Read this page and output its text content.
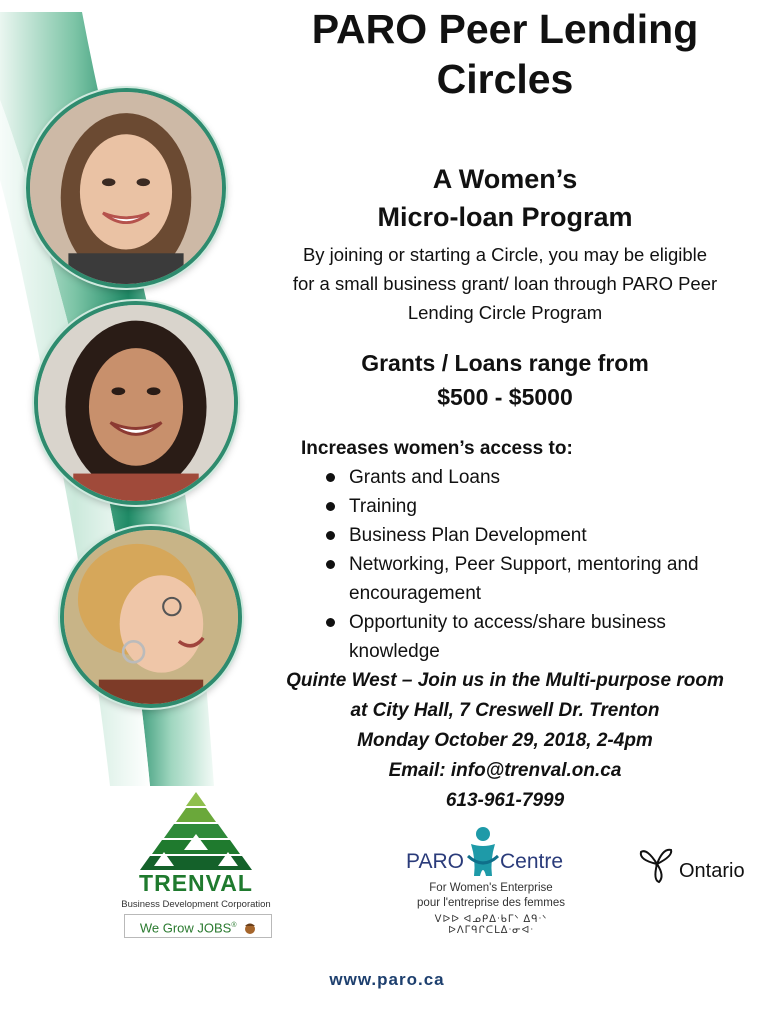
PARO Peer Lending
Circles
A Women’s
Micro-loan Program
By joining or starting a Circle, you may be eligible
for a small business grant/ loan through PARO Peer
Lending Circle Program
Grants / Loans range from
$500 - $5000
Increases women’s access to:
Grants and Loans
Training
Business Plan Development
Networking, Peer Support, mentoring and
encouragement
Opportunity to access/share business
knowledge
Quinte West – Join us in the Multi-purpose room
at City Hall, 7 Creswell Dr. Trenton
Monday October 29, 2018, 2-4pm
Email: info@trenval.on.ca
613-961-7999
TRENVAL
Business Development Corporation
We Grow JOBS®
PARO Centre
For Women's Enterprise
pour l'entreprise des femmes
ᐯᐅᐅ ᐊᓄᑭᐃᐧᑲᒥᐠ ᐃᑫᐧᐠ ᐅᐱᒥᑫᒋᑕᒪᐃᐧᓂᐊᐧ
Ontario
www.paro.ca
